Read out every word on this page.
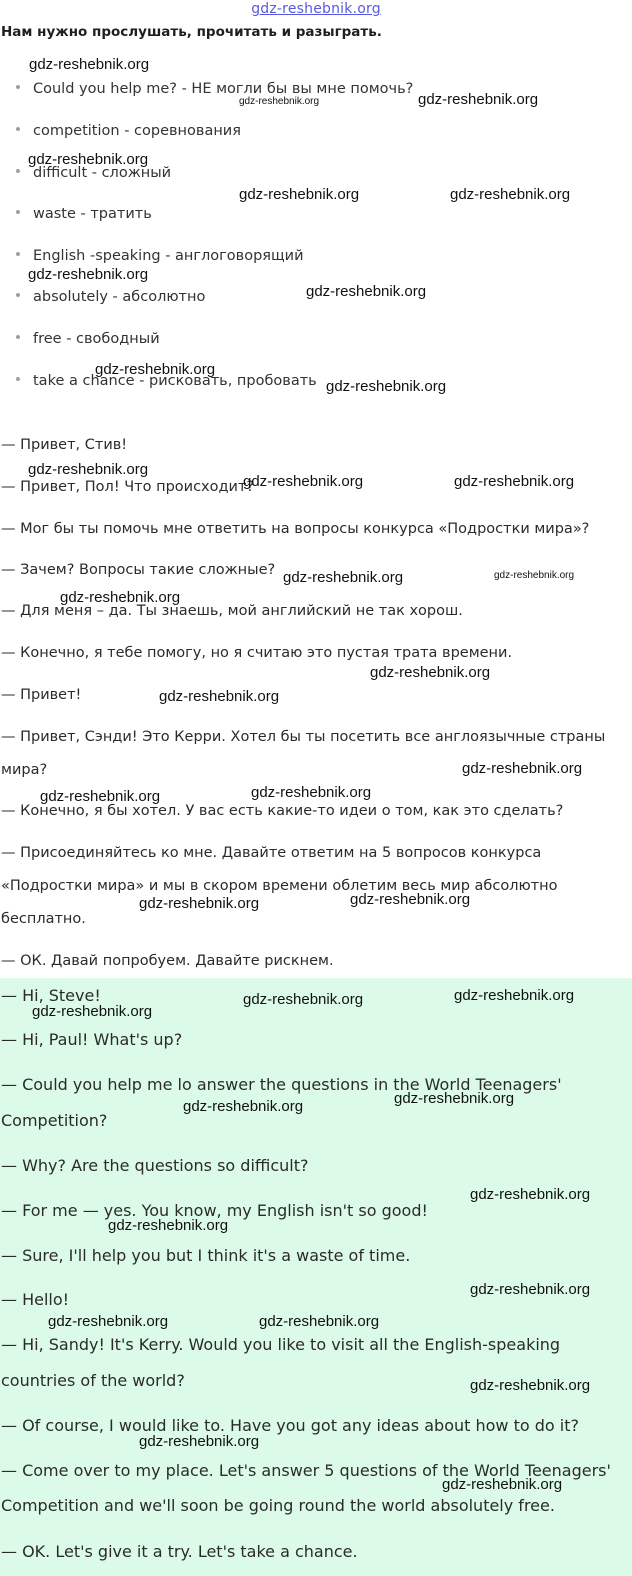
gdz-reshebnik.org
Нам нужно прослушать, прочитать и разыграть.
Could you help me? - НЕ могли бы вы мне помочь?
competition - соревнования
difficult - сложный
waste - тратить
English -speaking - англоговорящий
absolutely - абсолютно
free - свободный
take a chance - рисковать, пробовать
— Привет, Стив!
— Привет, Пол! Что происходит?
— Мог бы ты помочь мне ответить на вопросы конкурса «Подростки мира»?
— Зачем? Вопросы такие сложные?
— Для меня – да. Ты знаешь, мой английский не так хорош.
— Конечно, я тебе помогу, но я считаю это пустая трата времени.
— Привет!
— Привет, Сэнди! Это Керри. Хотел бы ты посетить все англоязычные страны
мира?
— Конечно, я бы хотел. У вас есть какие-то идеи о том, как это сделать?
— Присоединяйтесь ко мне. Давайте ответим на 5 вопросов конкурса
«Подростки мира» и мы в скором времени облетим весь мир абсолютно
бесплатно.
— ОК. Давай попробуем. Давайте рискнем.
— Hi, Steve!
— Hi, Paul! What's up?
— Could you help me lo answer the questions in the World Teenagers'
Competition?
— Why? Are the questions so difficult?
— For me — yes. You know, my English isn't so good!
— Sure, I'll help you but I think it's a waste of time.
— Hello!
— Hi, Sandy! It's Kerry. Would you like to visit all the English-speaking
countries of the world?
— Of course, I would like to. Have you got any ideas about how to do it?
— Come over to my place. Let's answer 5 questions of the World Teenagers'
Competition and we'll soon be going round the world absolutely free.
— OK. Let's give it a try. Let's take a chance.
gdz-reshebnik.org
gdz-reshebnik.org	gdz-reshebnik.org
gdz-reshebnik.org
gdz-reshebnik.org	gdz-reshebnik.org
gdz-reshebnik.org
gdz-reshebnik.org
gdz-reshebnik.org
gdz-reshebnik.org
gdz-reshebnik.org
gdz-reshebnik.org	gdz-reshebnik.org
gdz-reshebnik.org	gdz-reshebnik.org
gdz-reshebnik.org
gdz-reshebnik.org
gdz-reshebnik.org
gdz-reshebnik.org
gdz-reshebnik.org
gdz-reshebnik.org
gdz-reshebnik.org
gdz-reshebnik.org
gdz-reshebnik.org
gdz-reshebnik.org
gdz-reshebnik.org
gdz-reshebnik.org
gdz-reshebnik.org
gdz-reshebnik.org
gdz-reshebnik.org
gdz-reshebnik.org
gdz-reshebnik.org	gdz-reshebnik.org
gdz-reshebnik.org
gdz-reshebnik.org
gdz-reshebnik.org
